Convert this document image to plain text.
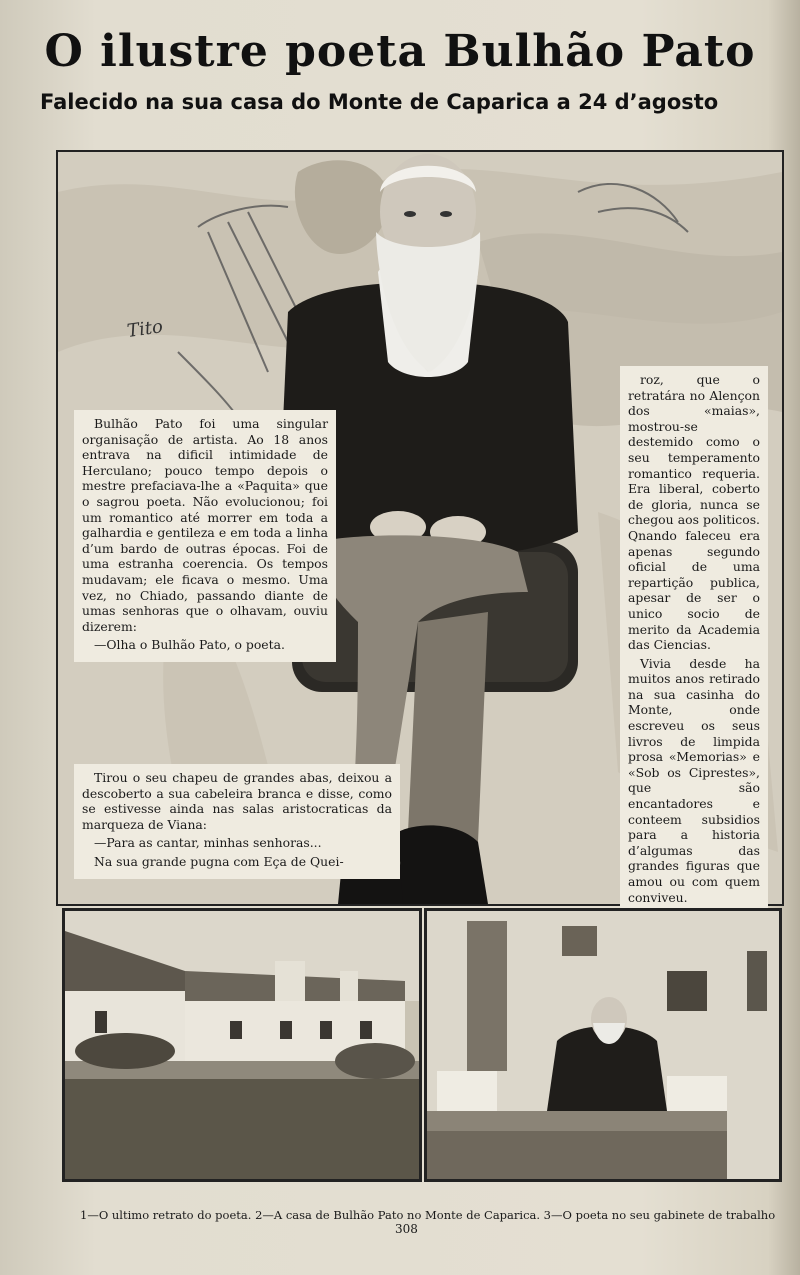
O ilustre poeta Bulhão Pato
Falecido na sua casa do Monte de Caparica a 24 d’agosto
Tito

Bulhão Pato foi uma singular organisação de artista. Ao 18 anos entrava na dificil intimidade de Herculano; pouco tempo depois o mestre prefaciava-lhe a «Paquita» que o sagrou poeta. Não evolucionou; foi um romantico até morrer em toda a galhardia e gentileza e em toda a linha d’um bardo de outras épocas. Foi de uma estranha coerencia. Os tempos mudavam; ele ficava o mesmo. Uma vez, no Chiado, passando diante de umas senhoras que o olhavam, ouviu dizerem:

—Olha o Bulhão Pato, o poeta.

Tirou o seu chapeu de grandes abas, deixou a descoberto a sua cabeleira branca e disse, como se estivesse ainda nas salas aristocraticas da marqueza de Viana:

—Para as cantar, minhas senhoras...

Na sua grande pugna com Eça de Quei-

roz, que o retratára no Alençon dos «maias», mostrou-se destemido como o seu temperamento romantico requeria. Era liberal, coberto de gloria, nunca se chegou aos politicos. Qnando faleceu era apenas segundo oficial de uma repartição publica, apesar de ser o unico socio de merito da Academia das Ciencias.

Vivia desde ha muitos anos retirado na sua casinha do Monte, onde escreveu os seus livros de limpida prosa «Memorias» e «Sob os Ciprestes», que são encantadores e conteem subsidios para a historia d’algumas das grandes figuras que amou ou com quem conviveu.

1—O ultimo retrato do poeta. 2—A casa de Bulhão Pato no Monte de Caparica. 3—O poeta no seu gabinete de trabalho
308
